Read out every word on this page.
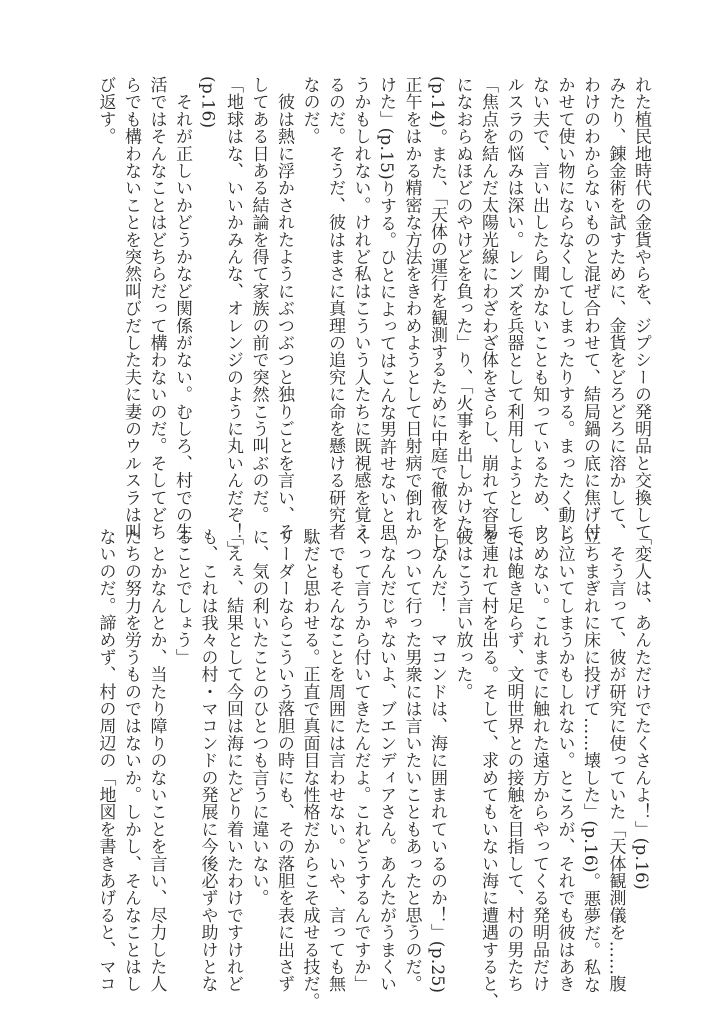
れた植民地時代の金貨やらを、ジプシーの発明品と交換して
みたり、錬金術を試すために、金貨をどろどろに溶かして、
わけのわからないものと混ぜ合わせて、結局鍋の底に焦げ付
かせて使い物にならなくしてしまったりする。まったく動じ
ない夫で、言い出したら聞かないことも知っているため、ウ
ルスラの悩みは深い。レンズを兵器として利用しようとして、
「焦点を結んだ太陽光線にわざわざ体をさらし、崩れて容易
になおらぬほどのやけどを負った」り、「火事を出しかけた」
(p.14)。また、「天体の運行を観測するために中庭で徹夜をし、
正午をはかる精密な方法をきわめようとして日射病で倒れか
けた」(p.15)りする。ひとによってはこんな男許せないと思
うかもしれない。けれど私はこういう人たちに既視感を覚え
るのだ。そうだ、彼はまさに真理の追究に命を懸ける研究者
なのだ。
　彼は熱に浮かされたようにぶつぶつと独りごとを言い、そ
してある日ある結論を得て家族の前で突然こう叫ぶのだ。
「地球はな、いいかみんな、オレンジのように丸いんだぞ！」
(p.16)
　それが正しいかどうかなど関係がない。むしろ、村での生
活ではそんなことはどちらだって構わないのだ。そしてどち
らでも構わないことを突然叫びだした夫に妻のウルスラは叫
び返す。
「変人は、あんただけでたくさんよ！」(p.16)
　そう言って、彼が研究に使っていた「天体観測儀を……腹
立ちまぎれに床に投げて……壊した」(p.16)。悪夢だ。私な
ら泣いてしまうかもしれない。ところが、それでも彼はあき
らめない。これまでに触れた遠方からやってくる発明品だけ
では飽き足らず、文明世界との接触を目指して、村の男たち
を連れて村を出る。そして、求めてもいない海に遭遇すると、
彼はこう言い放った。
「なんだ！　マコンドは、海に囲まれているのか！」(p.25)
　ついて行った男衆には言いたいこともあったと思うのだ。
「なんだじゃないよ、ブエンディアさん。あんたがうまくい
くって言うから付いてきたんだよ。これどうするんですか」
　でもそんなことを周囲には言わせない。いや、言っても無
駄だと思わせる。正直で真面目な性格だからこそ成せる技だ。
リーダーならこういう落胆の時にも、その落胆を表に出さず
に、気の利いたことのひとつも言うに違いない。
「えぇ、結果として今回は海にたどり着いたわけですけれど
も、これは我々の村・マコンドの発展に今後必ずや助けとな
ることでしょう」
　とかなんとか、当たり障りのないことを言い、尽力した人
たちの努力を労うものではないか。しかし、そんなことはし
ないのだ。諦めず、村の周辺の「地図を書きあげると、マコ
